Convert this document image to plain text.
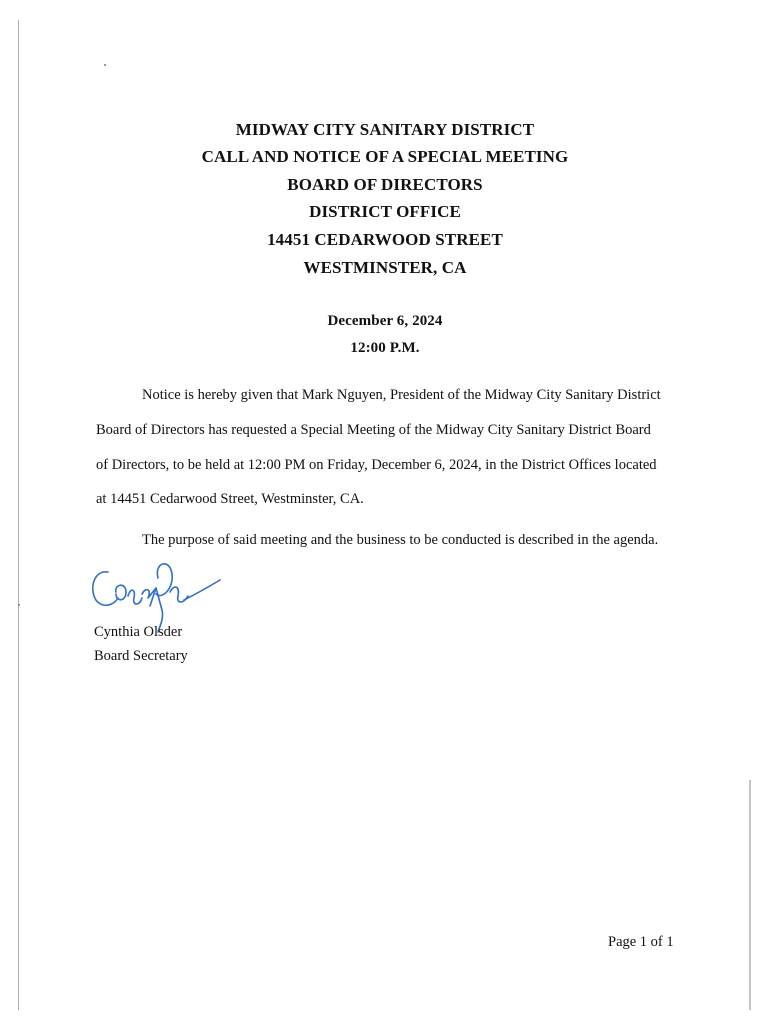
MIDWAY CITY SANITARY DISTRICT
CALL AND NOTICE OF A SPECIAL MEETING
BOARD OF DIRECTORS
DISTRICT OFFICE
14451 CEDARWOOD STREET
WESTMINSTER, CA
December 6, 2024
12:00 P.M.
Notice is hereby given that Mark Nguyen, President of the Midway City Sanitary District
Board of Directors has requested a Special Meeting of the Midway City Sanitary District Board
of Directors, to be held at 12:00 PM on Friday, December 6, 2024, in the District Offices located
at 14451 Cedarwood Street, Westminster, CA.
The purpose of said meeting and the business to be conducted is described in the agenda.
Cynthia Olsder
Board Secretary
Page 1 of 1
